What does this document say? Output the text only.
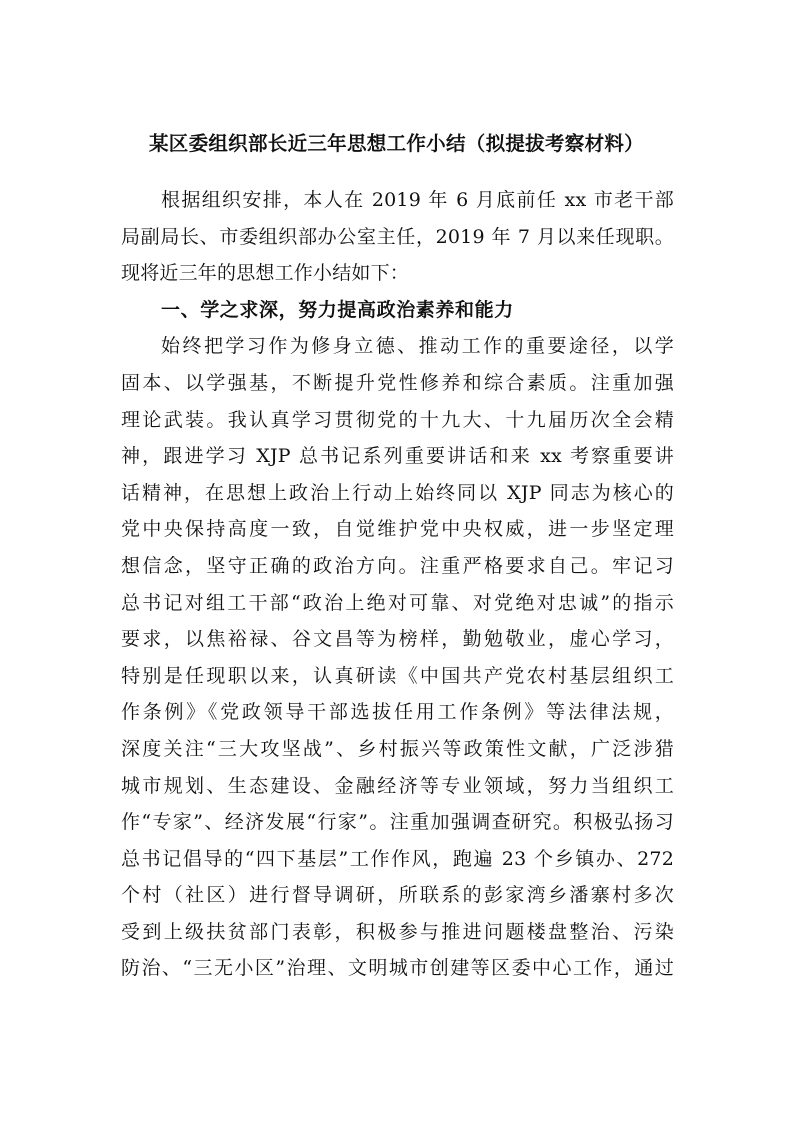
某区委组织部长近三年思想工作小结（拟提拔考察材料）
根据组织安排，本人在 2019 年 6 月底前任 xx 市老干部
局副局长、市委组织部办公室主任，2019 年 7 月以来任现职。
现将近三年的思想工作小结如下：
一、学之求深，努力提高政治素养和能力
始终把学习作为修身立德、推动工作的重要途径，以学
固本、以学强基，不断提升党性修养和综合素质。注重加强
理论武装。我认真学习贯彻党的十九大、十九届历次全会精
神，跟进学习 XJP 总书记系列重要讲话和来 xx 考察重要讲
话精神，在思想上政治上行动上始终同以 XJP 同志为核心的
党中央保持高度一致，自觉维护党中央权威，进一步坚定理
想信念，坚守正确的政治方向。注重严格要求自己。牢记习
总书记对组工干部“政治上绝对可靠、对党绝对忠诚”的指示
要求，以焦裕禄、谷文昌等为榜样，勤勉敬业，虚心学习，
特别是任现职以来，认真研读《中国共产党农村基层组织工
作条例》《党政领导干部选拔任用工作条例》等法律法规，
深度关注“三大攻坚战”、乡村振兴等政策性文献，广泛涉猎
城市规划、生态建设、金融经济等专业领域，努力当组织工
作“专家”、经济发展“行家”。注重加强调查研究。积极弘扬习
总书记倡导的“四下基层”工作作风，跑遍 23 个乡镇办、272
个村（社区）进行督导调研，所联系的彭家湾乡潘寨村多次
受到上级扶贫部门表彰，积极参与推进问题楼盘整治、污染
防治、“三无小区”治理、文明城市创建等区委中心工作，通过
